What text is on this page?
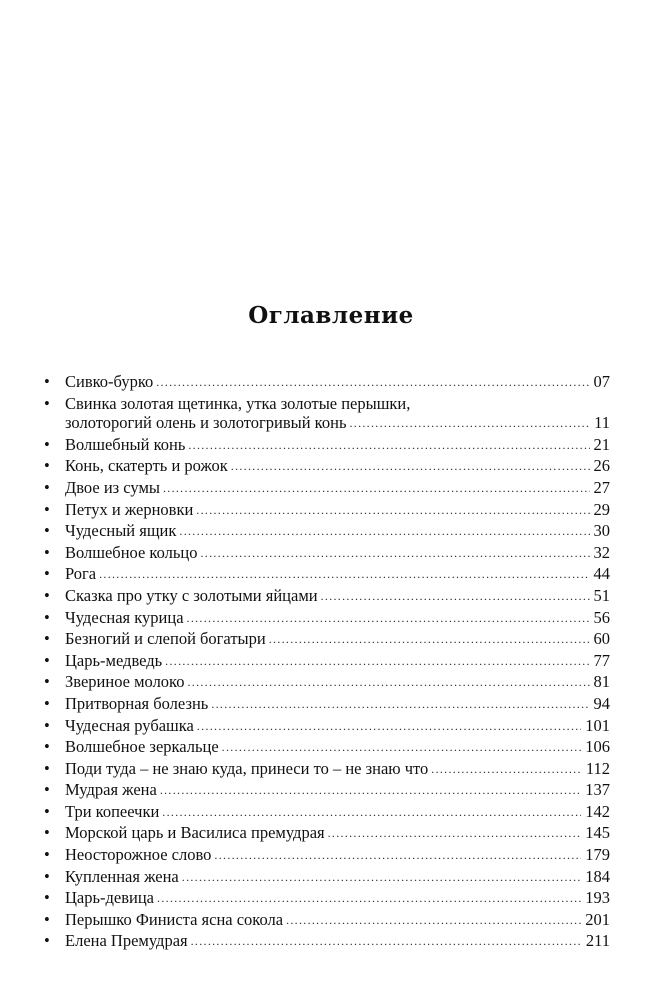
Оглавление
• Сивко-бурко .....	07
• Свинка золотая щетинка, утка золотые перышки,
золоторогий олень и золотогривый конь .....	11
• Волшебный конь .....	21
• Конь, скатерть и рожок .....	26
• Двое из сумы .....	27
• Петух и жерновки .....	29
• Чудесный ящик .....	30
• Волшебное кольцо .....	32
• Рога .....	44
• Сказка про утку с золотыми яйцами .....	51
• Чудесная курица .....	56
• Безногий и слепой богатыри .....	60
• Царь-медведь .....	77
• Звериное молоко .....	81
• Притворная болезнь .....	94
• Чудесная рубашка .....	101
• Волшебное зеркальце .....	106
• Поди туда – не знаю куда, принеси то – не знаю что .....	112
• Мудрая жена .....	137
• Три копеечки .....	142
• Морской царь и Василиса премудрая .....	145
• Неосторожное слово .....	179
• Купленная жена .....	184
• Царь-девица .....	193
• Перышко Финиста ясна сокола .....	201
• Елена Премудрая .....	211
